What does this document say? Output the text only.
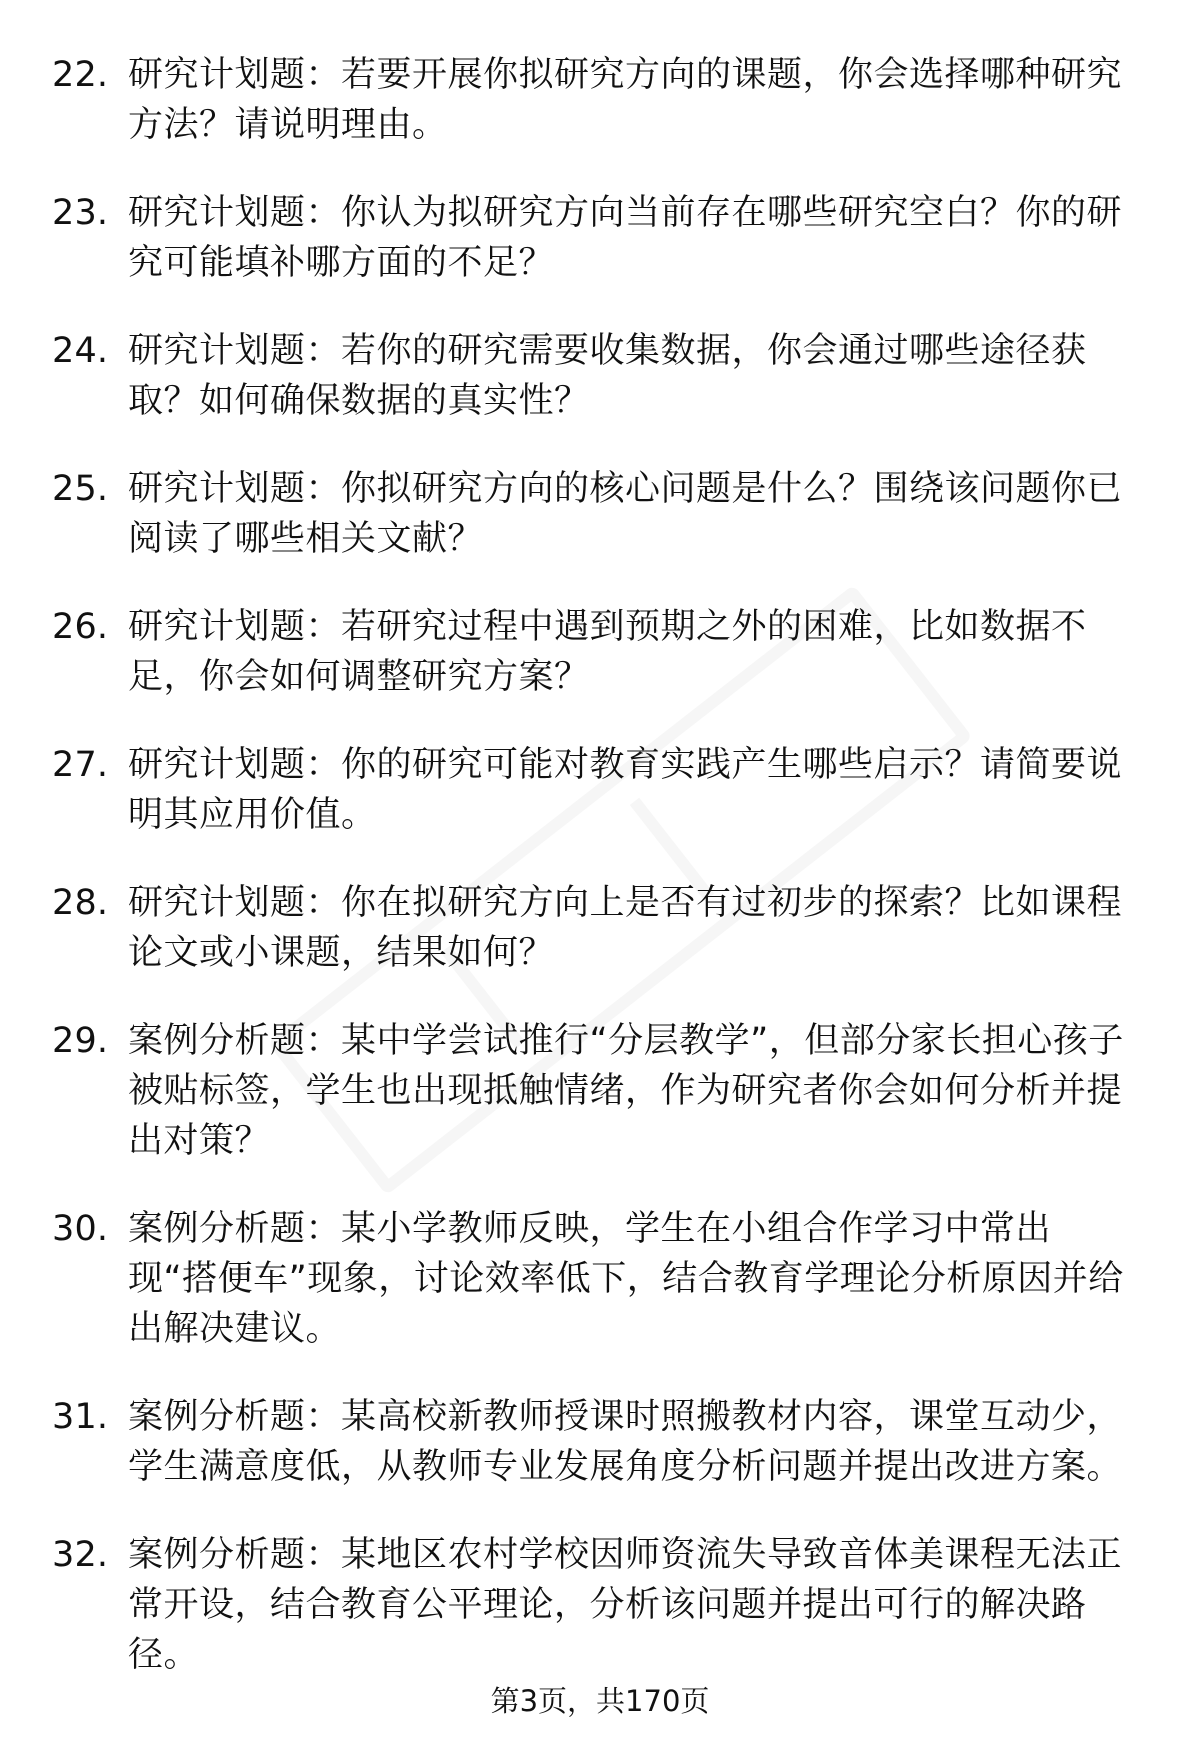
22. 研究计划题：若要开展你拟研究方向的课题，你会选择哪种研究方法？请说明理由。
23. 研究计划题：你认为拟研究方向当前存在哪些研究空白？你的研究可能填补哪方面的不足？
24. 研究计划题：若你的研究需要收集数据，你会通过哪些途径获取？如何确保数据的真实性？
25. 研究计划题：你拟研究方向的核心问题是什么？围绕该问题你已阅读了哪些相关文献？
26. 研究计划题：若研究过程中遇到预期之外的困难，比如数据不足，你会如何调整研究方案？
27. 研究计划题：你的研究可能对教育实践产生哪些启示？请简要说明其应用价值。
28. 研究计划题：你在拟研究方向上是否有过初步的探索？比如课程论文或小课题，结果如何？
29. 案例分析题：某中学尝试推行“分层教学”，但部分家长担心孩子被贴标签，学生也出现抵触情绪，作为研究者你会如何分析并提出对策？
30. 案例分析题：某小学教师反映，学生在小组合作学习中常出现“搭便车”现象，讨论效率低下，结合教育学理论分析原因并给出解决建议。
31. 案例分析题：某高校新教师授课时照搬教材内容，课堂互动少，学生满意度低，从教师专业发展角度分析问题并提出改进方案。
32. 案例分析题：某地区农村学校因师资流失导致音体美课程无法正常开设，结合教育公平理论，分析该问题并提出可行的解决路径。
第3页，共170页
